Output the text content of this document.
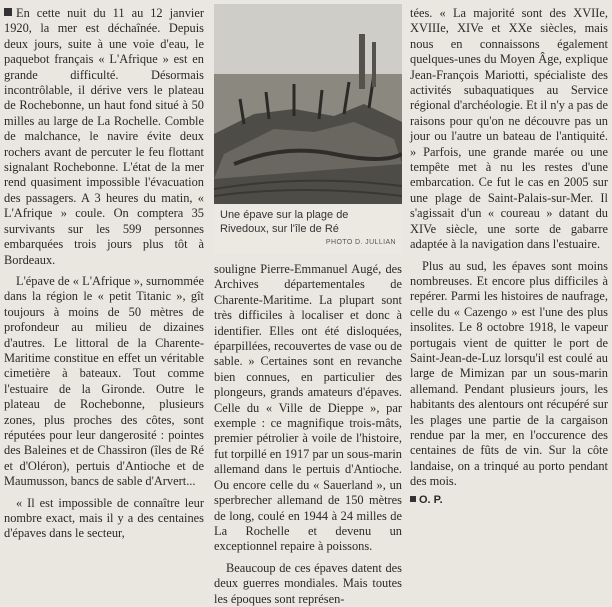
En cette nuit du 11 au 12 janvier 1920, la mer est déchaînée. Depuis deux jours, suite à une voie d'eau, le paquebot français « L'Afrique » est en grande difficulté. Désormais incontrôlable, il dérive vers le plateau de Rochebonne, un haut fond situé à 50 milles au large de La Rochelle. Comble de malchance, le navire évite deux rochers avant de percuter le feu flottant signalant Rochebonne. L'état de la mer rend quasiment impossible l'évacuation des passagers. A 3 heures du matin, « L'Afrique » coule. On comptera 35 survivants sur les 599 personnes embarquées trois jours plus tôt à Bordeaux.

L'épave de « L'Afrique », surnommée dans la région le « petit Titanic », gît toujours à moins de 50 mètres de profondeur au milieu de dizaines d'autres. Le littoral de la Charente-Maritime constitue en effet un véritable cimetière à bateaux. Tout comme l'estuaire de la Gironde. Outre le plateau de Rochebonne, plusieurs zones, plus proches des côtes, sont réputées pour leur dangerosité : pointes des Baleines et de Chassiron (îles de Ré et d'Oléron), pertuis d'Antioche et de Maumusson, bancs de sable d'Arvert...

« Il est impossible de connaître leur nombre exact, mais il y a des centaines d'épaves dans le secteur,

Une épave sur la plage de Rivedoux, sur l'île de Ré
PHOTO D. JULLIAN

souligne Pierre-Emmanuel Augé, des Archives départementales de Charente-Maritime. La plupart sont très difficiles à localiser et donc à identifier. Elles ont été disloquées, éparpillées, recouvertes de vase ou de sable. » Certaines sont en revanche bien connues, en particulier des plongeurs, grands amateurs d'épaves. Celle du « Ville de Dieppe », par exemple : ce magnifique trois-mâts, premier pétrolier à voile de l'histoire, fut torpillé en 1917 par un sous-marin allemand dans le pertuis d'Antioche. Ou encore celle du « Sauerland », un sperbrecher allemand de 150 mètres de long, coulé en 1944 à 24 milles de La Rochelle et devenu un exceptionnel repaire à poissons.

Beaucoup de ces épaves datent des deux guerres mondiales. Mais toutes les époques sont représen-

tées. « La majorité sont des XVIIe, XVIIIe, XIVe et XXe siècles, mais nous en connaissons également quelques-unes du Moyen Âge, explique Jean-François Mariotti, spécialiste des activités subaquatiques au Service régional d'archéologie. Et il n'y a pas de raisons pour qu'on ne découvre pas un jour ou l'autre un bateau de l'antiquité. » Parfois, une grande marée ou une tempête met à nu les restes d'une embarcation. Ce fut le cas en 2005 sur une plage de Saint-Palais-sur-Mer. Il s'agissait d'un « coureau » datant du XIVe siècle, une sorte de gabarre adaptée à la navigation dans l'estuaire.

Plus au sud, les épaves sont moins nombreuses. Et encore plus difficiles à repérer. Parmi les histoires de naufrage, celle du « Cazengo » est l'une des plus insolites. Le 8 octobre 1918, le vapeur portugais vient de quitter le port de Saint-Jean-de-Luz lorsqu'il est coulé au large de Mimizan par un sous-marin allemand. Pendant plusieurs jours, les habitants des alentours ont récupéré sur les plages une partie de la cargaison rendue par la mer, en l'occurence des centaines de fûts de vin. Sur la côte landaise, on a trinqué au porto pendant des mois.

O. P.
